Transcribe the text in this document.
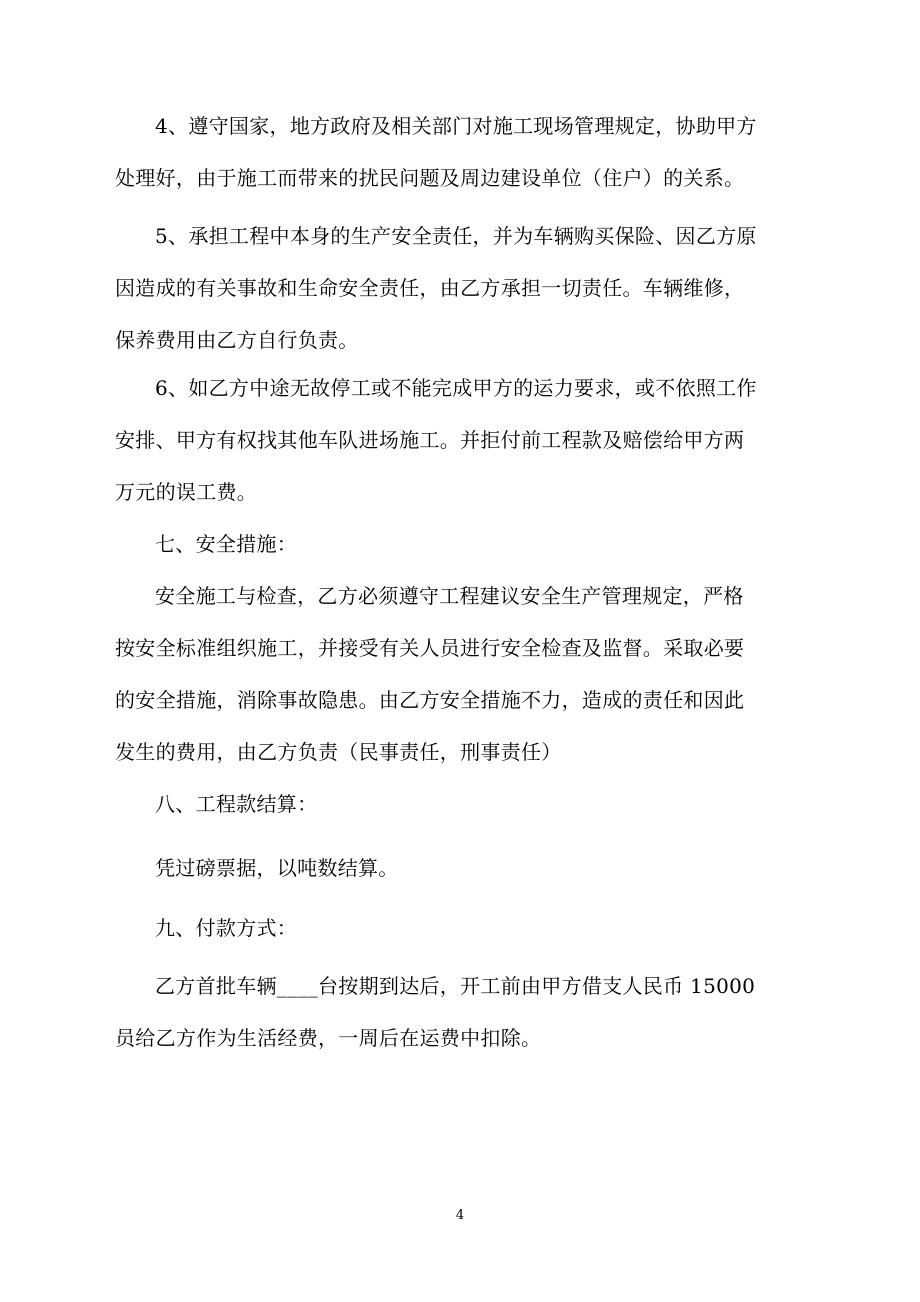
4、遵守国家，地方政府及相关部门对施工现场管理规定，协助甲方
处理好，由于施工而带来的扰民问题及周边建设单位（住户）的关系。

5、承担工程中本身的生产安全责任，并为车辆购买保险、因乙方原
因造成的有关事故和生命安全责任，由乙方承担一切责任。车辆维修，
保养费用由乙方自行负责。

6、如乙方中途无故停工或不能完成甲方的运力要求，或不依照工作
安排、甲方有权找其他车队进场施工。并拒付前工程款及赔偿给甲方两
万元的误工费。

七、安全措施：

安全施工与检查，乙方必须遵守工程建议安全生产管理规定，严格
按安全标准组织施工，并接受有关人员进行安全检查及监督。采取必要
的安全措施，消除事故隐患。由乙方安全措施不力，造成的责任和因此
发生的费用，由乙方负责（民事责任，刑事责任）

八、工程款结算：

凭过磅票据，以吨数结算。

九、付款方式：

乙方首批车辆____台按期到达后，开工前由甲方借支人民币 15000
员给乙方作为生活经费，一周后在运费中扣除。

4
